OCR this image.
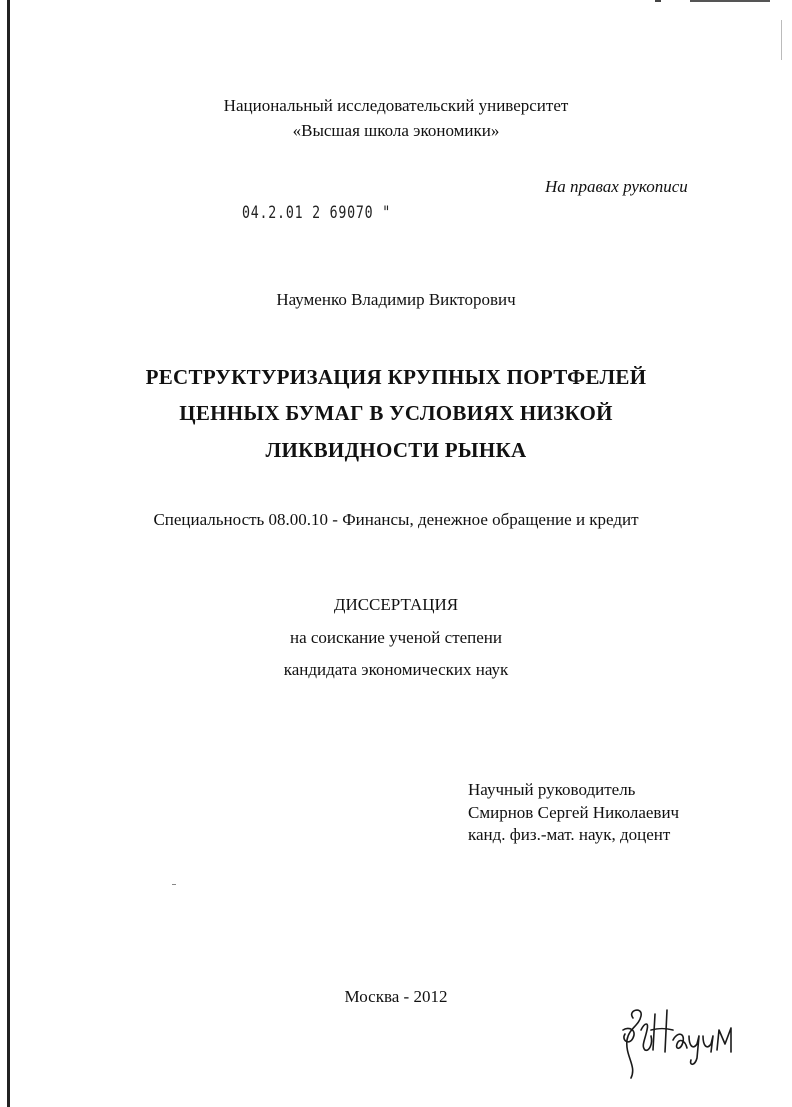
Национальный исследовательский университет
«Высшая школа экономики»
На правах рукописи
04.2.01 2 69070 "
Науменко Владимир Викторович
РЕСТРУКТУРИЗАЦИЯ КРУПНЫХ ПОРТФЕЛЕЙ
ЦЕННЫХ БУМАГ В УСЛОВИЯХ НИЗКОЙ
ЛИКВИДНОСТИ РЫНКА
Специальность 08.00.10 - Финансы, денежное обращение и кредит
ДИССЕРТАЦИЯ
на соискание ученой степени
кандидата экономических наук
Научный руководитель
Смирнов Сергей Николаевич
канд. физ.-мат. наук, доцент
Москва - 2012
